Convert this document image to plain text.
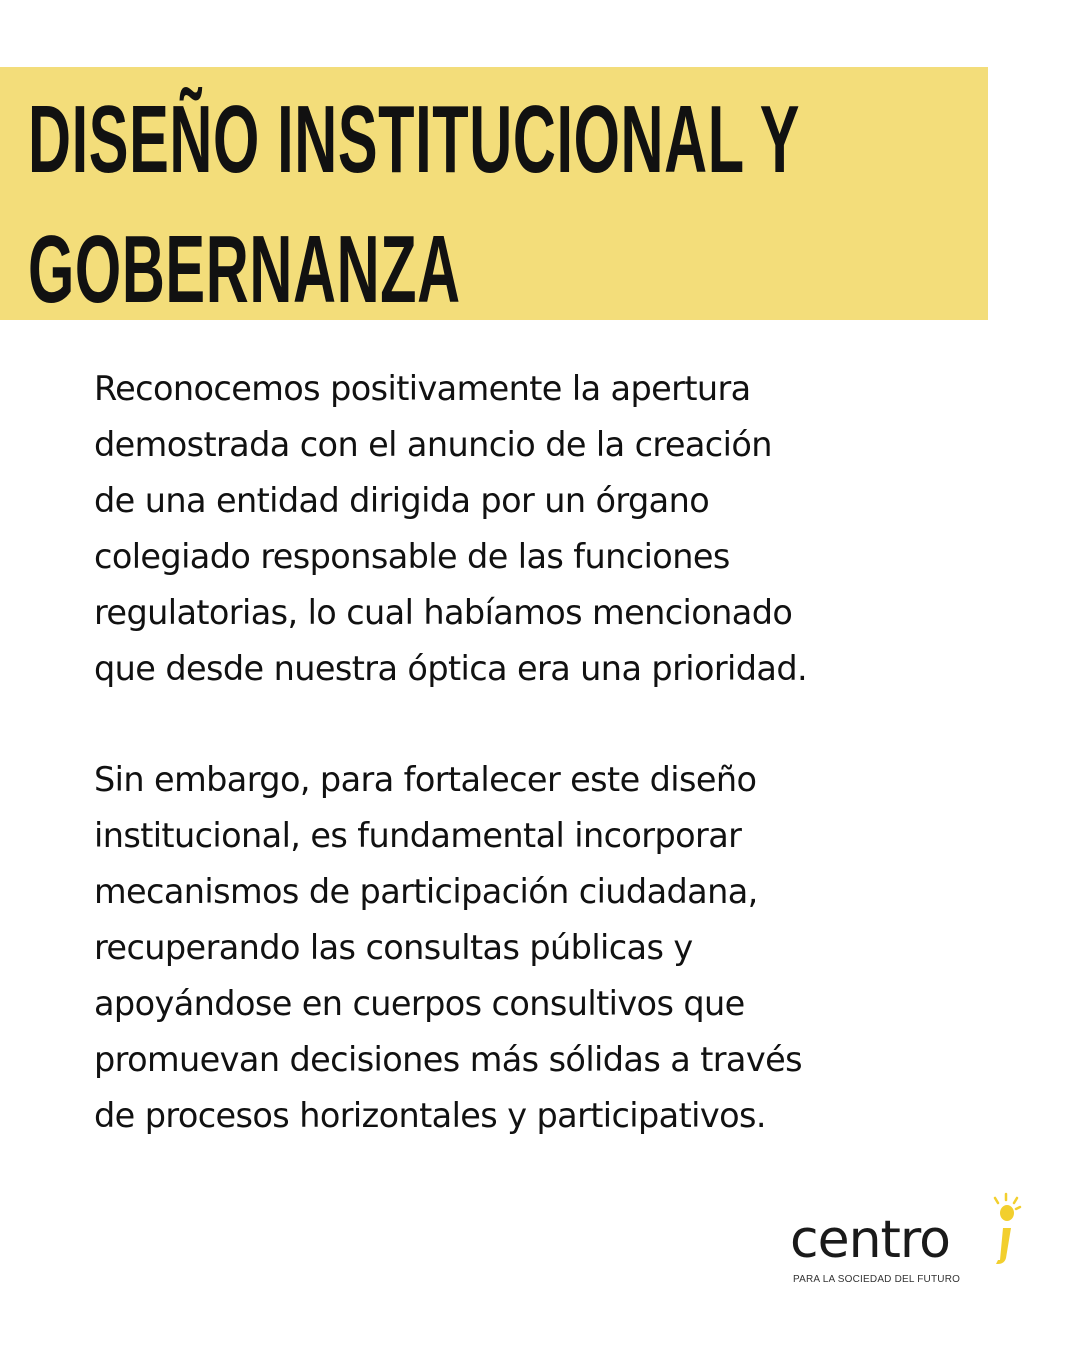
DISEÑO INSTITUCIONAL Y
GOBERNANZA

Reconocemos positivamente la apertura
demostrada con el anuncio de la creación
de una entidad dirigida por un órgano
colegiado responsable de las funciones
regulatorias, lo cual habíamos mencionado
que desde nuestra óptica era una prioridad.

Sin embargo, para fortalecer este diseño
institucional, es fundamental incorporar
mecanismos de participación ciudadana,
recuperando las consultas públicas y
apoyándose en cuerpos consultivos que
promuevan decisiones más sólidas a través
de procesos horizontales y participativos.

centro
PARA LA SOCIEDAD DEL FUTURO
